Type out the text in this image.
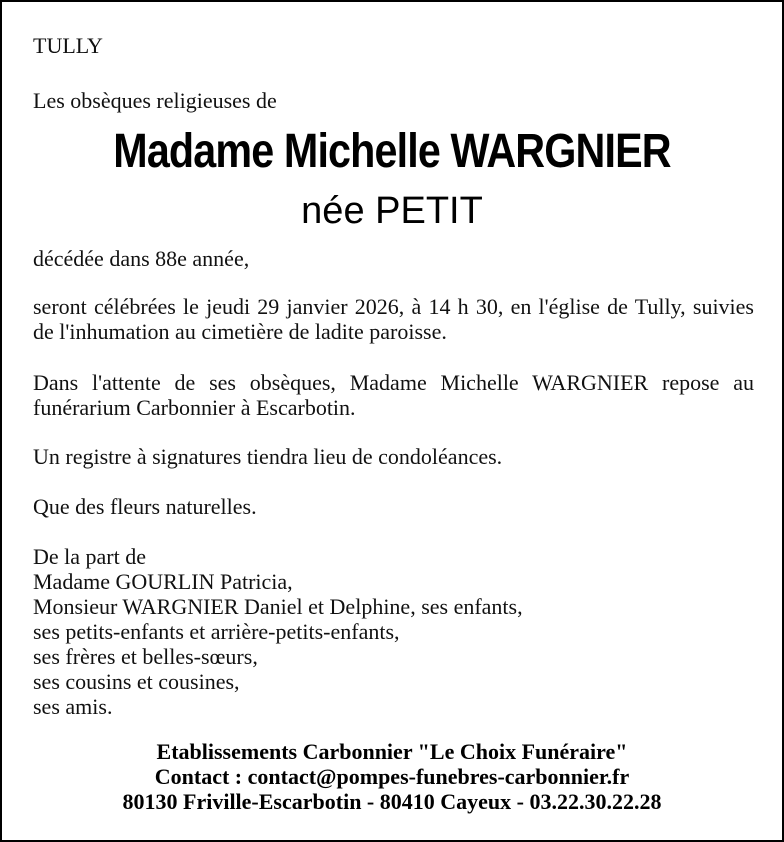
TULLY
Les obsèques religieuses de
Madame Michelle WARGNIER
née PETIT
décédée dans 88e année,
seront célébrées le jeudi 29 janvier 2026, à 14 h 30, en l'église de Tully, suivies de l'inhumation au cimetière de ladite paroisse.
Dans l'attente de ses obsèques, Madame Michelle WARGNIER repose au funérarium Carbonnier à Escarbotin.
Un registre à signatures tiendra lieu de condoléances.
Que des fleurs naturelles.
De la part de
Madame GOURLIN Patricia,
Monsieur WARGNIER Daniel et Delphine, ses enfants,
ses petits-enfants et arrière-petits-enfants,
ses frères et belles-sœurs,
ses cousins et cousines,
ses amis.
Etablissements Carbonnier "Le Choix Funéraire"
Contact : contact@pompes-funebres-carbonnier.fr
80130 Friville-Escarbotin - 80410 Cayeux - 03.22.30.22.28
